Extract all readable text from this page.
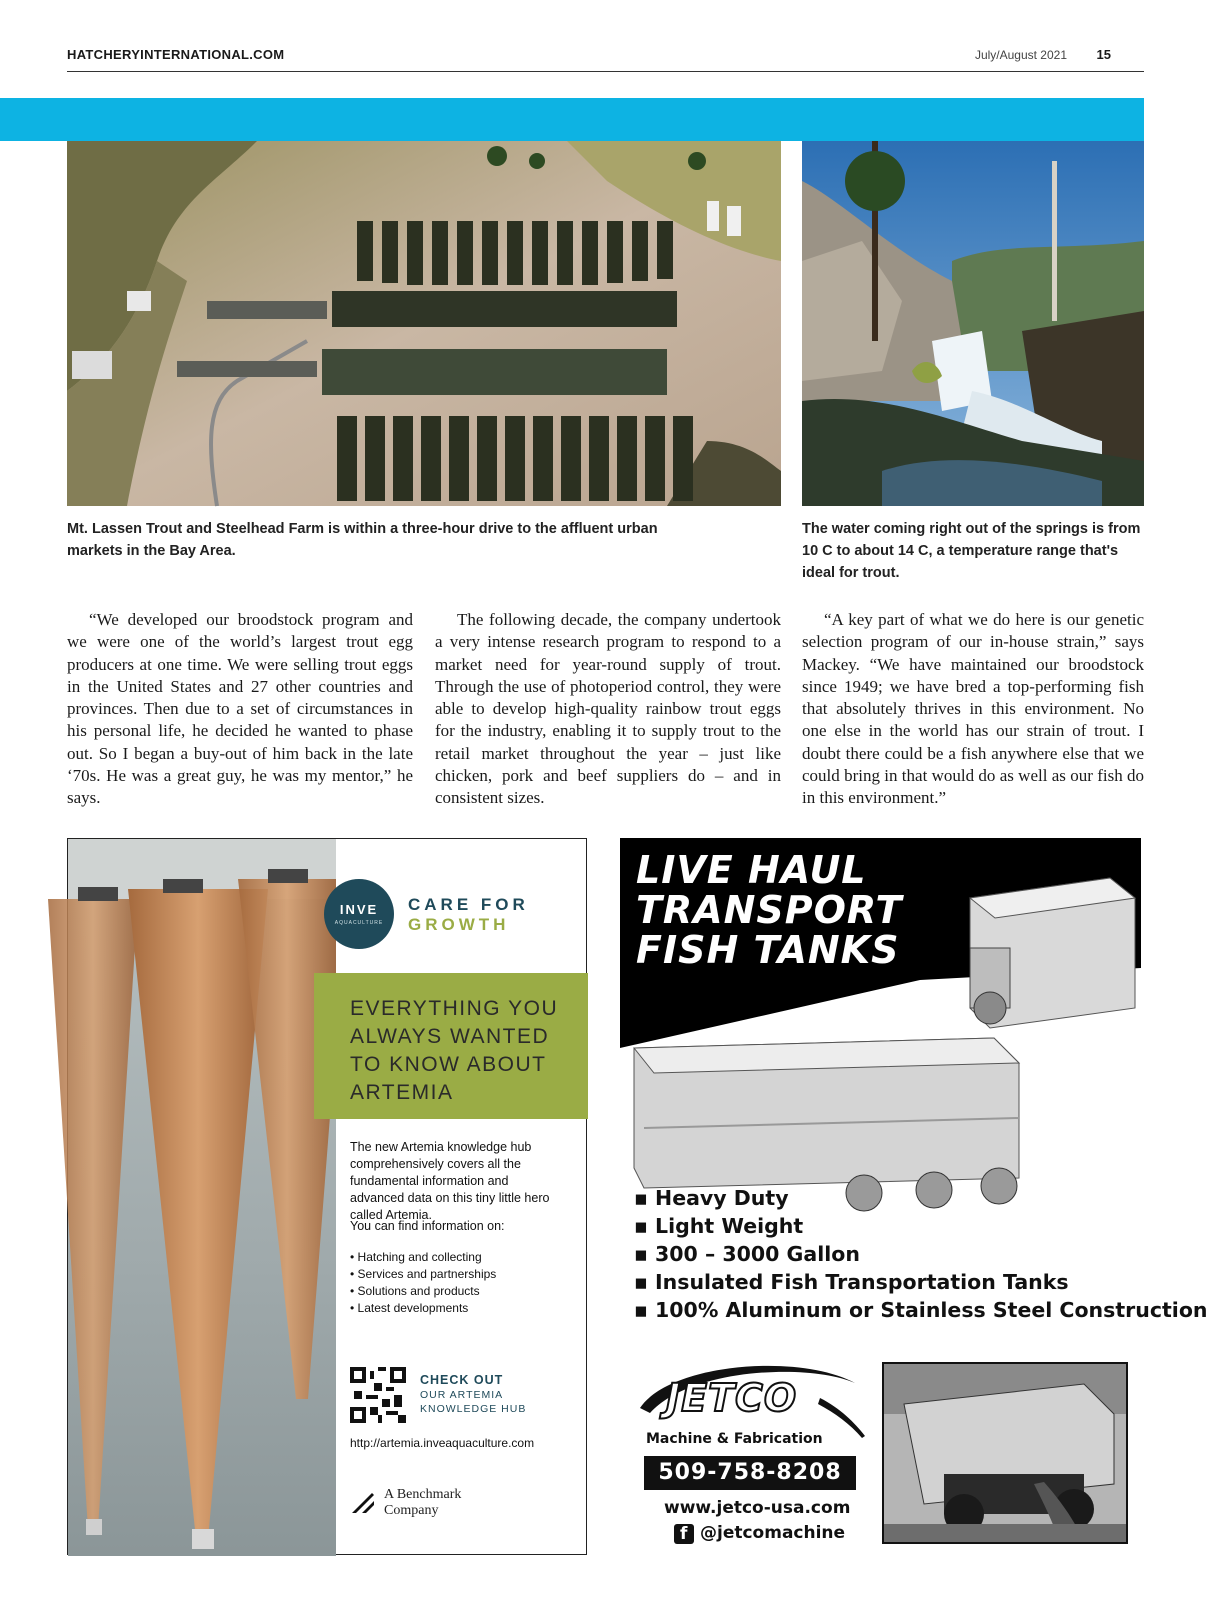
HATCHERYINTERNATIONAL.COM	July/August 2021 15
Mt. Lassen Trout and Steelhead Farm is within a three-hour drive to the affluent urban markets in the Bay Area.
The water coming right out of the springs is from 10 C to about 14 C, a temperature range that's ideal for trout.

“We developed our broodstock program and we were one of the world’s largest trout egg producers at one time. We were selling trout eggs in the United States and 27 other countries and provinces. Then due to a set of circumstances in his personal life, he decided he wanted to phase out. So I began a buy-out of him back in the late ‘70s. He was a great guy, he was my mentor,” he says.

The following decade, the company undertook a very intense research program to respond to a market need for year-round supply of trout. Through the use of photoperiod control, they were able to develop high-quality rainbow trout eggs for the industry, enabling it to supply trout to the retail market throughout the year – just like chicken, pork and beef suppliers do – and in consistent sizes.

“A key part of what we do here is our genetic selection program of our in-house strain,” says Mackey. “We have maintained our broodstock since 1949; we have bred a top-performing fish that absolutely thrives in this environment. No one else in the world has our strain of trout. I doubt there could be a fish anywhere else that we could bring in that would do as well as our fish do in this environment.”

INVE
AQUACULTURE
CARE FOR
GROWTH
EVERYTHING YOU
ALWAYS WANTED
TO KNOW ABOUT
ARTEMIA
The new Artemia knowledge hub comprehensively covers all the fundamental information and advanced data on this tiny little hero called Artemia.
You can find information on:
• Hatching and collecting
• Services and partnerships
• Solutions and products
• Latest developments
CHECK OUT
OUR ARTEMIA
KNOWLEDGE HUB
http://artemia.inveaquaculture.com
A Benchmark
Company
LIVE HAUL
TRANSPORT
FISH TANKS
▪ Heavy Duty
▪ Light Weight
▪ 300 – 3000 Gallon
▪ Insulated Fish Transportation Tanks
▪ 100% Aluminum or Stainless Steel Construction
JETCO
Machine & Fabrication
509-758-8208
www.jetco-usa.com
f @jetcomachine
